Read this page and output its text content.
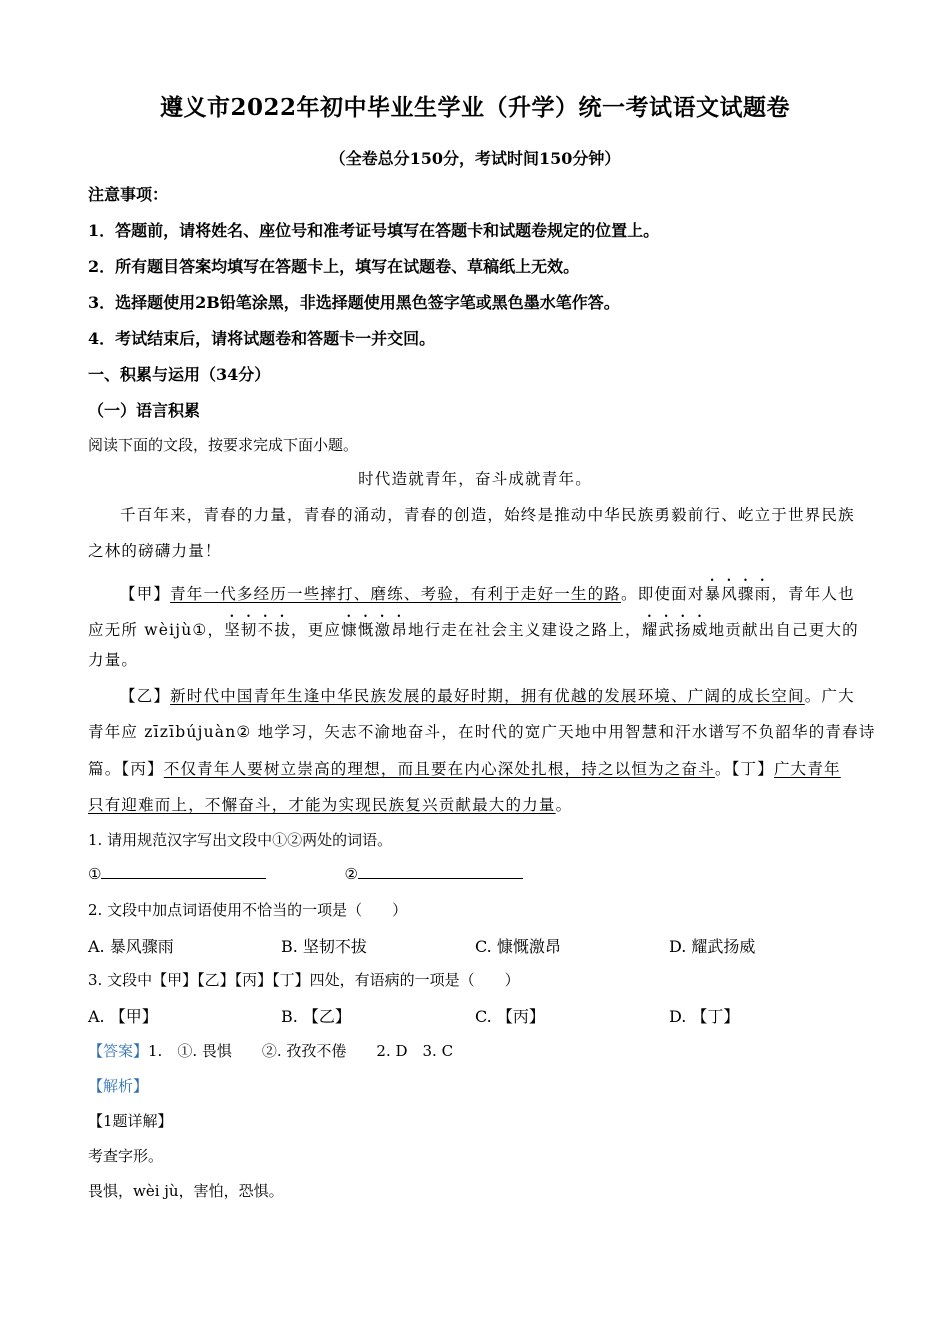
遵义市2022年初中毕业生学业（升学）统一考试语文试题卷
（全卷总分150分，考试时间150分钟）
注意事项：
1．答题前，请将姓名、座位号和准考证号填写在答题卡和试题卷规定的位置上。
2．所有题目答案均填写在答题卡上，填写在试题卷、草稿纸上无效。
3．选择题使用2B铅笔涂黑，非选择题使用黑色签字笔或黑色墨水笔作答。
4．考试结束后，请将试题卷和答题卡一并交回。
一、积累与运用（34分）
（一）语言积累
阅读下面的文段，按要求完成下面小题。
时代造就青年，奋斗成就青年。
千百年来，青春的力量，青春的涌动，青春的创造，始终是推动中华民族勇毅前行、屹立于世界民族
之林的磅礴力量！
【甲】青年一代多经历一些摔打、磨练、考验，有利于走好一生的路。即使面对暴风骤雨，青年人也
应无所 wèijù①，坚韧不拔，更应慷慨激昂地行走在社会主义建设之路上，耀武扬威地贡献出自己更大的
力量。
【乙】新时代中国青年生逢中华民族发展的最好时期，拥有优越的发展环境、广阔的成长空间。广大
青年应 zīzībújuàn② 地学习，矢志不渝地奋斗，在时代的宽广天地中用智慧和汗水谱写不负韶华的青春诗
篇。【丙】不仅青年人要树立崇高的理想，而且要在内心深处扎根，持之以恒为之奋斗。【丁】广大青年
只有迎难而上，不懈奋斗，才能为实现民族复兴贡献最大的力量。
1. 请用规范汉字写出文段中①②两处的词语。
①	②
2. 文段中加点词语使用不恰当的一项是（　　）
A. 暴风骤雨	B. 坚韧不拔	C. 慷慨激昂	D. 耀武扬威
3. 文段中【甲】【乙】【丙】【丁】四处，有语病的一项是（　　）
A. 【甲】	B. 【乙】	C. 【丙】	D. 【丁】
【答案】1.　①. 畏惧　　②. 孜孜不倦　　2. D　3. C
【解析】
【1题详解】
考查字形。
畏惧，wèi jù，害怕，恐惧。
